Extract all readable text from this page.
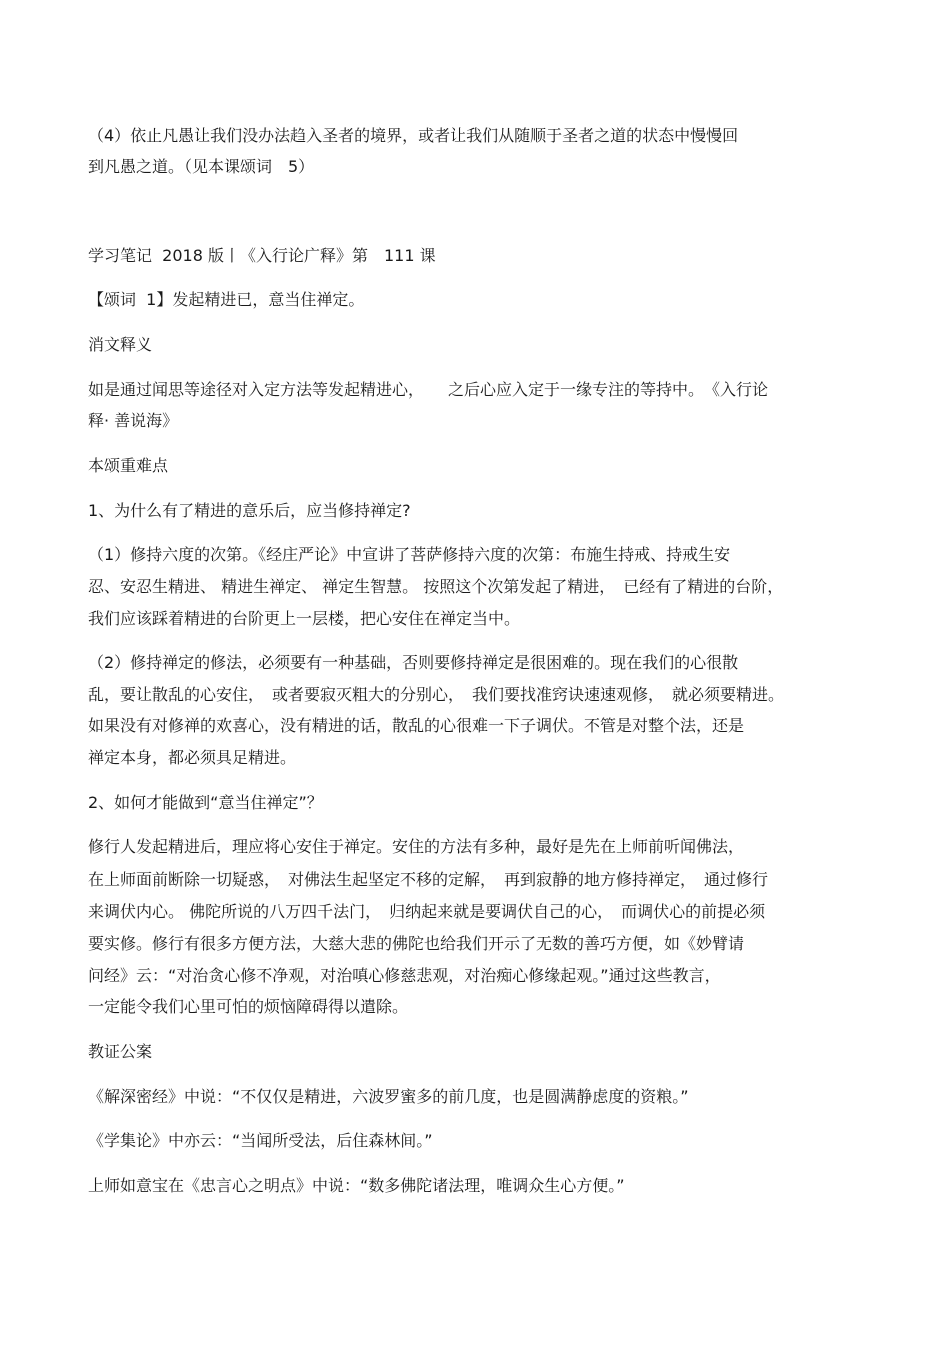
（4）依止凡愚让我们没办法趋入圣者的境界，或者让我们从随顺于圣者之道的状态中慢慢回
到凡愚之道。（见本课颂词　5）
学习笔记  2018 版丨《入行论广释》第　111 课
【颂词  1】发起精进已，意当住禅定。
消文释义
如是通过闻思等途径对入定方法等发起精进心，　　之后心应入定于一缘专注的等持中。　《入行论
释· 善说海》
本颂重难点
1、为什么有了精进的意乐后，应当修持禅定?
（1）修持六度的次第。《经庄严论》中宣讲了菩萨修持六度的次第：布施生持戒、持戒生安
忍、安忍生精进、 精进生禅定、 禅定生智慧。 按照这个次第发起了精进，　已经有了精进的台阶，
我们应该踩着精进的台阶更上一层楼，把心安住在禅定当中。
（2）修持禅定的修法，必须要有一种基础，否则要修持禅定是很困难的。现在我们的心很散
乱，要让散乱的心安住，　或者要寂灭粗大的分别心，　我们要找准窍诀速速观修，　就必须要精进。
如果没有对修禅的欢喜心，没有精进的话，散乱的心很难一下子调伏。不管是对整个法，还是
禅定本身，都必须具足精进。
2、如何才能做到“意当住禅定”？
修行人发起精进后，理应将心安住于禅定。安住的方法有多种，最好是先在上师前听闻佛法，
在上师面前断除一切疑惑，　对佛法生起坚定不移的定解，　再到寂静的地方修持禅定，　通过修行
来调伏内心。 佛陀所说的八万四千法门，　归纳起来就是要调伏自己的心，　而调伏心的前提必须
要实修。修行有很多方便方法，大慈大悲的佛陀也给我们开示了无数的善巧方便，如《妙臂请
问经》云：“对治贪心修不净观，对治嗔心修慈悲观，对治痴心修缘起观。”通过这些教言，
一定能令我们心里可怕的烦恼障碍得以遣除。
教证公案
《解深密经》中说：“不仅仅是精进，六波罗蜜多的前几度，也是圆满静虑度的资粮。”
《学集论》中亦云：“当闻所受法，后住森林间。”
上师如意宝在《忠言心之明点》中说：“数多佛陀诸法理，唯调众生心方便。”
